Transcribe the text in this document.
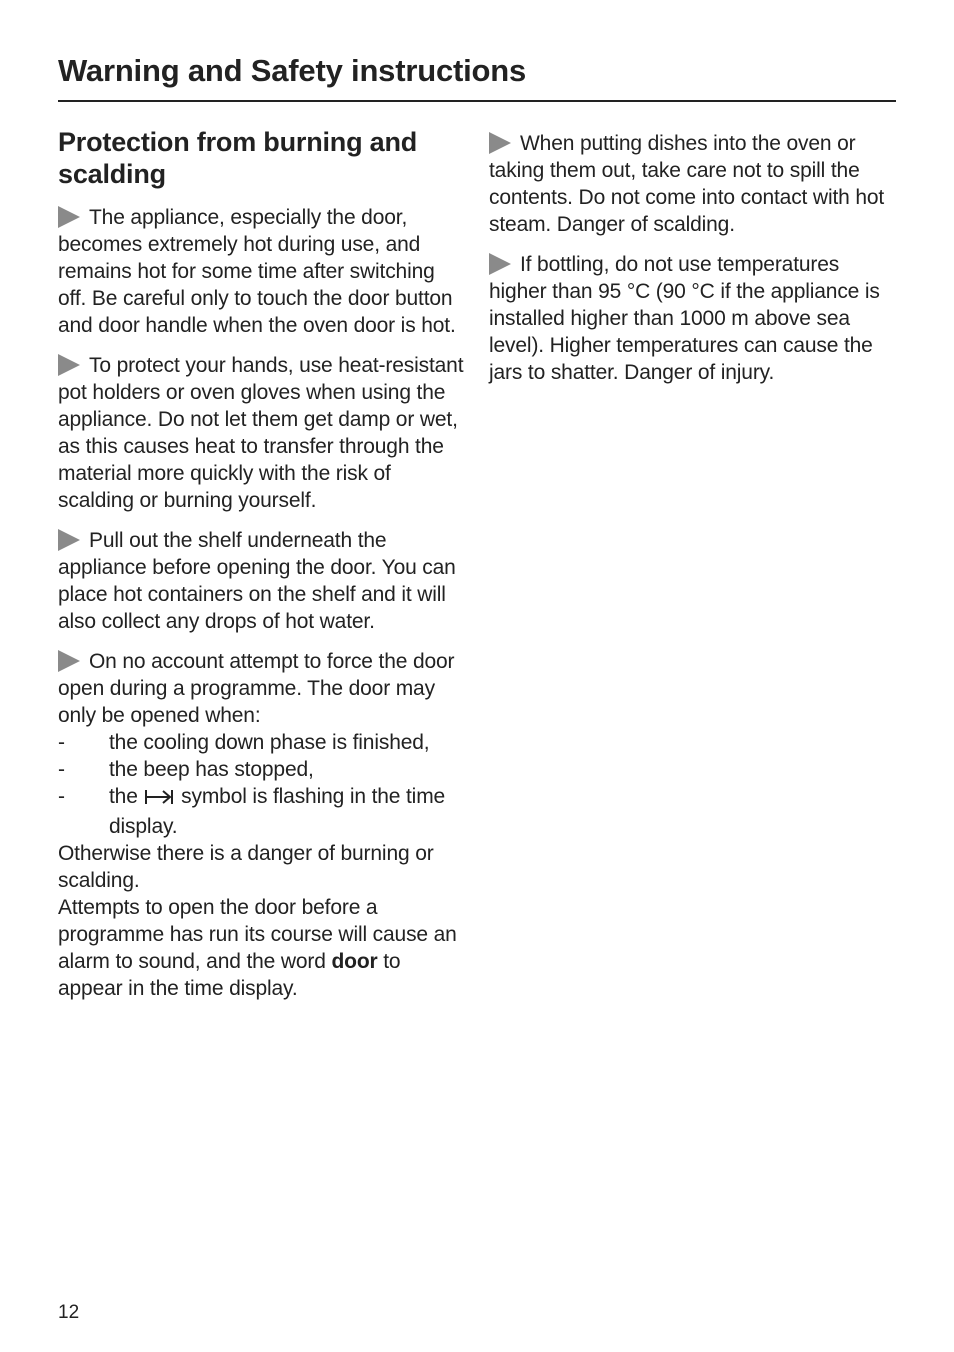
Warning and Safety instructions
Protection from burning and scalding

The appliance, especially the door, becomes extremely hot during use, and remains hot for some time after switching off. Be careful only to touch the door button and door handle when the oven door is hot.

To protect your hands, use heat-resistant pot holders or oven gloves when using the appliance. Do not let them get damp or wet, as this causes heat to transfer through the material more quickly with the risk of scalding or burning yourself.

Pull out the shelf underneath the appliance before opening the door. You can place hot containers on the shelf and it will also collect any drops of hot water.

On no account attempt to force the door open during a programme. The door may only be opened when:
- the cooling down phase is finished,
- the beep has stopped,
- the symbol is flashing in the time display.
Otherwise there is a danger of burning or scalding.
Attempts to open the door before a programme has run its course will cause an alarm to sound, and the word door to appear in the time display.

When putting dishes into the oven or taking them out, take care not to spill the contents. Do not come into contact with hot steam. Danger of scalding.

If bottling, do not use temperatures higher than 95 °C (90 °C if the appliance is installed higher than 1000 m above sea level). Higher temperatures can cause the jars to shatter. Danger of injury.

12
